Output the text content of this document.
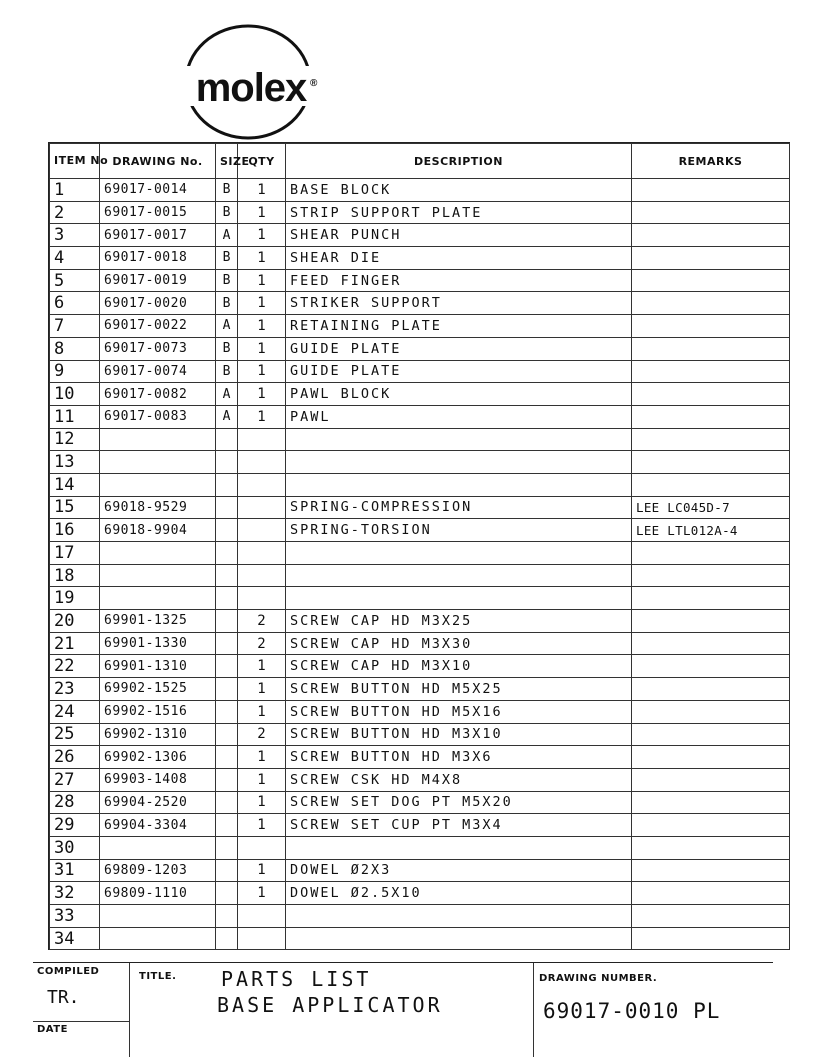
molex ®
ITEM No	DRAWING No.	SIZE	QTY	DESCRIPTION	REMARKS
1	69017-0014	B	1	BASE BLOCK	
2	69017-0015	B	1	STRIP SUPPORT PLATE	
3	69017-0017	A	1	SHEAR PUNCH	
4	69017-0018	B	1	SHEAR DIE	
5	69017-0019	B	1	FEED FINGER	
6	69017-0020	B	1	STRIKER SUPPORT	
7	69017-0022	A	1	RETAINING PLATE	
8	69017-0073	B	1	GUIDE PLATE	
9	69017-0074	B	1	GUIDE PLATE	
10	69017-0082	A	1	PAWL BLOCK	
11	69017-0083	A	1	PAWL	
12					
13					
14					
15	69018-9529			SPRING-COMPRESSION	LEE LC045D-7
16	69018-9904			SPRING-TORSION	LEE LTL012A-4
17					
18					
19					
20	69901-1325		2	SCREW CAP HD M3X25	
21	69901-1330		2	SCREW CAP HD M3X30	
22	69901-1310		1	SCREW CAP HD M3X10	
23	69902-1525		1	SCREW BUTTON HD M5X25	
24	69902-1516		1	SCREW BUTTON HD M5X16	
25	69902-1310		2	SCREW BUTTON HD M3X10	
26	69902-1306		1	SCREW BUTTON HD M3X6	
27	69903-1408		1	SCREW CSK HD M4X8	
28	69904-2520		1	SCREW SET DOG PT M5X20	
29	69904-3304		1	SCREW SET CUP PT M3X4	
30					
31	69809-1203		1	DOWEL Ø2X3	
32	69809-1110		1	DOWEL Ø2.5X10	
33					
34					
COMPILED
TR.
DATE
TITLE. PARTS LIST
BASE APPLICATOR
DRAWING NUMBER.
69017-0010 PL
